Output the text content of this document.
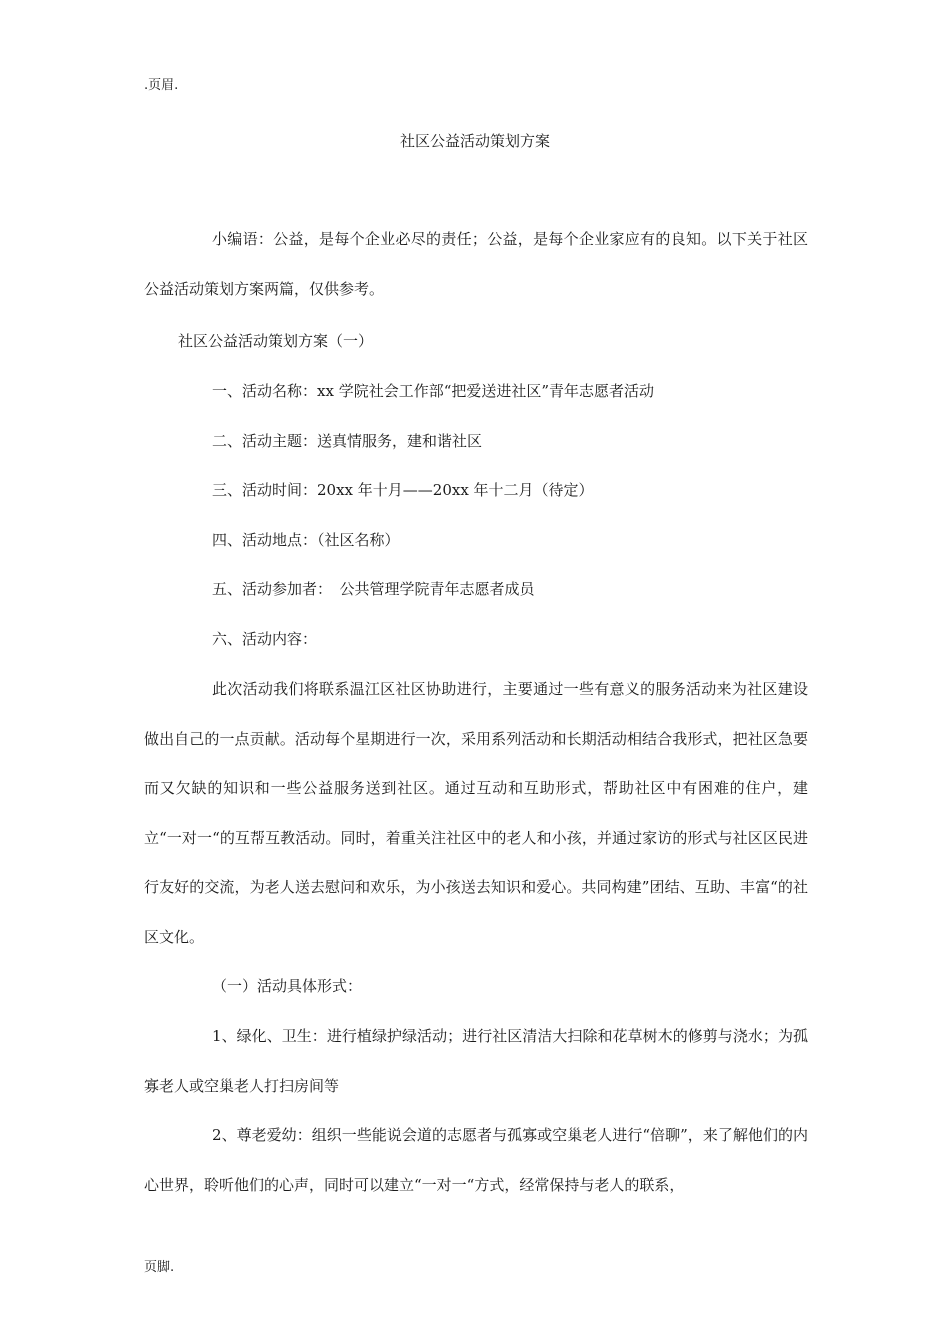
.页眉.
社区公益活动策划方案

小编语：公益，是每个企业必尽的责任；公益，是每个企业家应有的良知。以下关于社区公益活动策划方案两篇，仅供参考。

社区公益活动策划方案（一）
一、活动名称：xx 学院社会工作部“把爱送进社区”青年志愿者活动
二、活动主题：送真情服务，建和谐社区
三、活动时间：20xx 年十月——20xx 年十二月（待定）
四、活动地点：（社区名称）
五、活动参加者：　公共管理学院青年志愿者成员
六、活动内容：

此次活动我们将联系温江区社区协助进行，主要通过一些有意义的服务活动来为社区建设做出自己的一点贡献。活动每个星期进行一次，采用系列活动和长期活动相结合我形式，把社区急要而又欠缺的知识和一些公益服务送到社区。通过互动和互助形式，帮助社区中有困难的住户，建立“一对一“的互帮互教活动。同时，着重关注社区中的老人和小孩，并通过家访的形式与社区区民进行友好的交流，为老人送去慰问和欢乐，为小孩送去知识和爱心。共同构建”团结、互助、丰富“的社区文化。

（一）活动具体形式：

1、绿化、卫生：进行植绿护绿活动；进行社区清洁大扫除和花草树木的修剪与浇水；为孤寡老人或空巢老人打扫房间等

2、尊老爱幼：组织一些能说会道的志愿者与孤寡或空巢老人进行“倍聊”，来了解他们的内心世界，聆听他们的心声，同时可以建立“一对一“方式，经常保持与老人的联系，

页脚.
